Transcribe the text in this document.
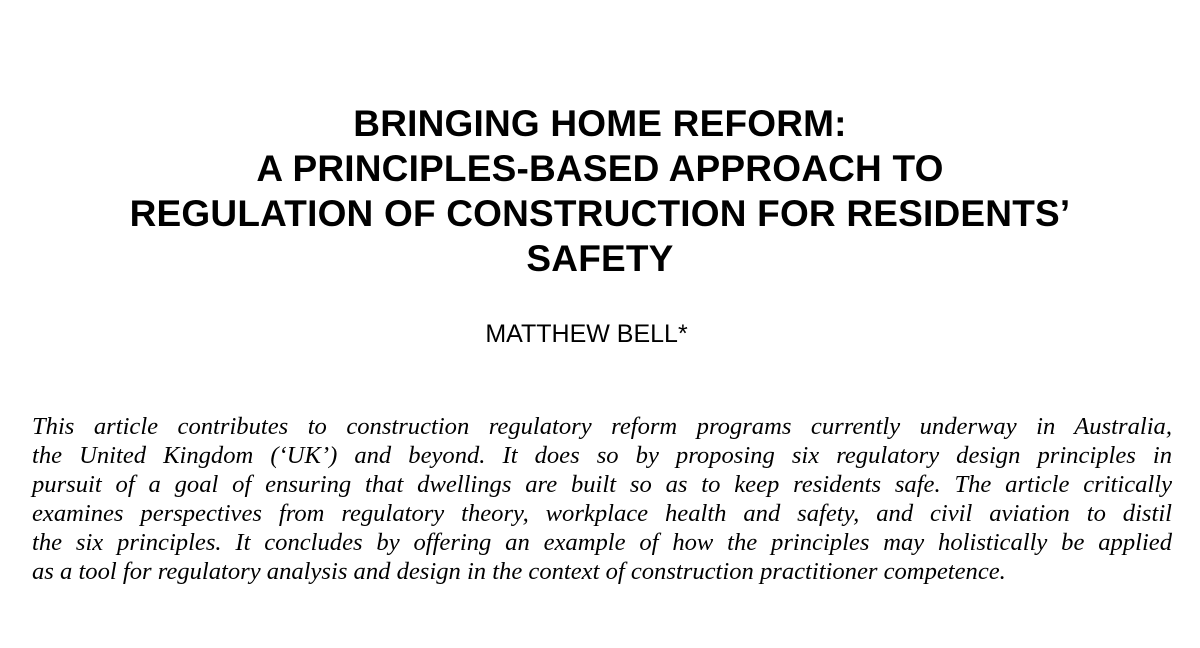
BRINGING HOME REFORM:
A PRINCIPLES-BASED APPROACH TO
REGULATION OF CONSTRUCTION FOR RESIDENTS’
SAFETY
MATTHEW BELL*
This article contributes to construction regulatory reform programs currently underway in Australia,
the United Kingdom (‘UK’) and beyond. It does so by proposing six regulatory design principles in
pursuit of a goal of ensuring that dwellings are built so as to keep residents safe. The article critically
examines perspectives from regulatory theory, workplace health and safety, and civil aviation to distil
the six principles. It concludes by offering an example of how the principles may holistically be applied
as a tool for regulatory analysis and design in the context of construction practitioner competence.
